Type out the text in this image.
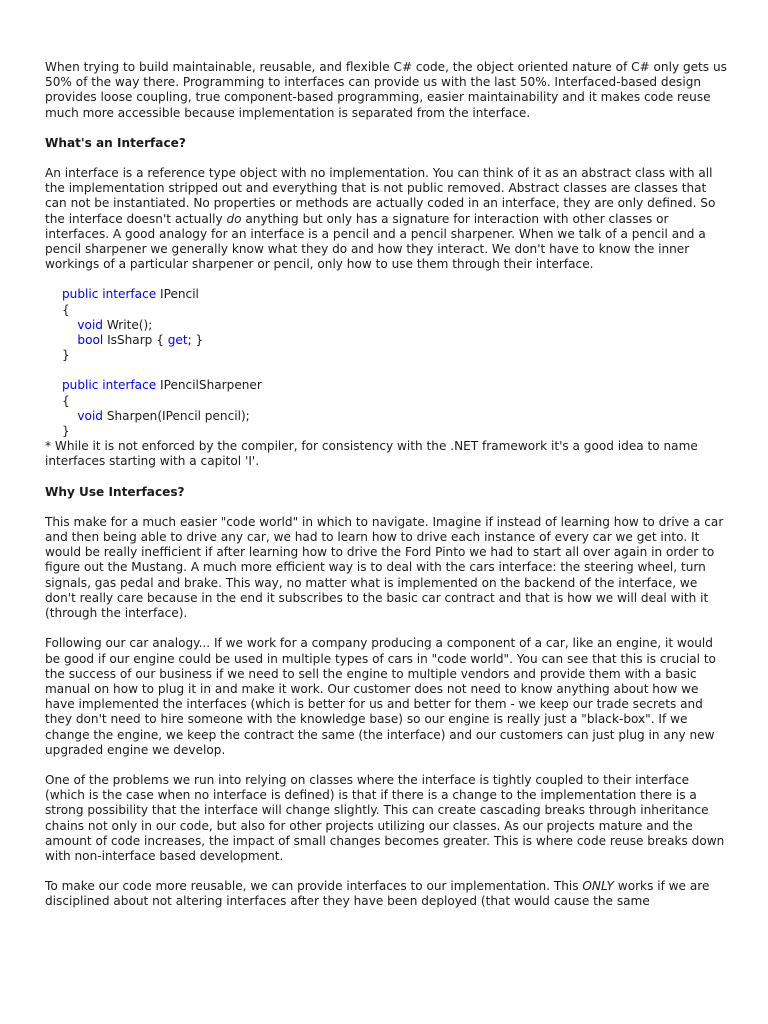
When trying to build maintainable, reusable, and flexible C# code, the object oriented nature of C# only gets us 50% of the way there. Programming to interfaces can provide us with the last 50%. Interfaced-based design provides loose coupling, true component-based programming, easier maintainability and it makes code reuse much more accessible because implementation is separated from the interface.

What's an Interface?

An interface is a reference type object with no implementation. You can think of it as an abstract class with all the implementation stripped out and everything that is not public removed. Abstract classes are classes that can not be instantiated. No properties or methods are actually coded in an interface, they are only defined. So the interface doesn't actually do anything but only has a signature for interaction with other classes or interfaces. A good analogy for an interface is a pencil and a pencil sharpener. When we talk of a pencil and a pencil sharpener we generally know what they do and how they interact. We don't have to know the inner workings of a particular sharpener or pencil, only how to use them through their interface.

public interface IPencil
{
void Write();
bool IsSharp { get; }
}
public interface IPencilSharpener
{
void Sharpen(IPencil pencil);
}

* While it is not enforced by the compiler, for consistency with the .NET framework it's a good idea to name interfaces starting with a capitol 'I'.

Why Use Interfaces?

This make for a much easier "code world" in which to navigate. Imagine if instead of learning how to drive a car and then being able to drive any car, we had to learn how to drive each instance of every car we get into. It would be really inefficient if after learning how to drive the Ford Pinto we had to start all over again in order to figure out the Mustang. A much more efficient way is to deal with the cars interface: the steering wheel, turn signals, gas pedal and brake. This way, no matter what is implemented on the backend of the interface, we don't really care because in the end it subscribes to the basic car contract and that is how we will deal with it (through the interface).

Following our car analogy... If we work for a company producing a component of a car, like an engine, it would be good if our engine could be used in multiple types of cars in "code world". You can see that this is crucial to the success of our business if we need to sell the engine to multiple vendors and provide them with a basic manual on how to plug it in and make it work. Our customer does not need to know anything about how we have implemented the interfaces (which is better for us and better for them - we keep our trade secrets and they don't need to hire someone with the knowledge base) so our engine is really just a "black-box". If we change the engine, we keep the contract the same (the interface) and our customers can just plug in any new upgraded engine we develop.

One of the problems we run into relying on classes where the interface is tightly coupled to their interface (which is the case when no interface is defined) is that if there is a change to the implementation there is a strong possibility that the interface will change slightly. This can create cascading breaks through inheritance chains not only in our code, but also for other projects utilizing our classes. As our projects mature and the amount of code increases, the impact of small changes becomes greater. This is where code reuse breaks down with non-interface based development.

To make our code more reusable, we can provide interfaces to our implementation. This ONLY works if we are disciplined about not altering interfaces after they have been deployed (that would cause the same
